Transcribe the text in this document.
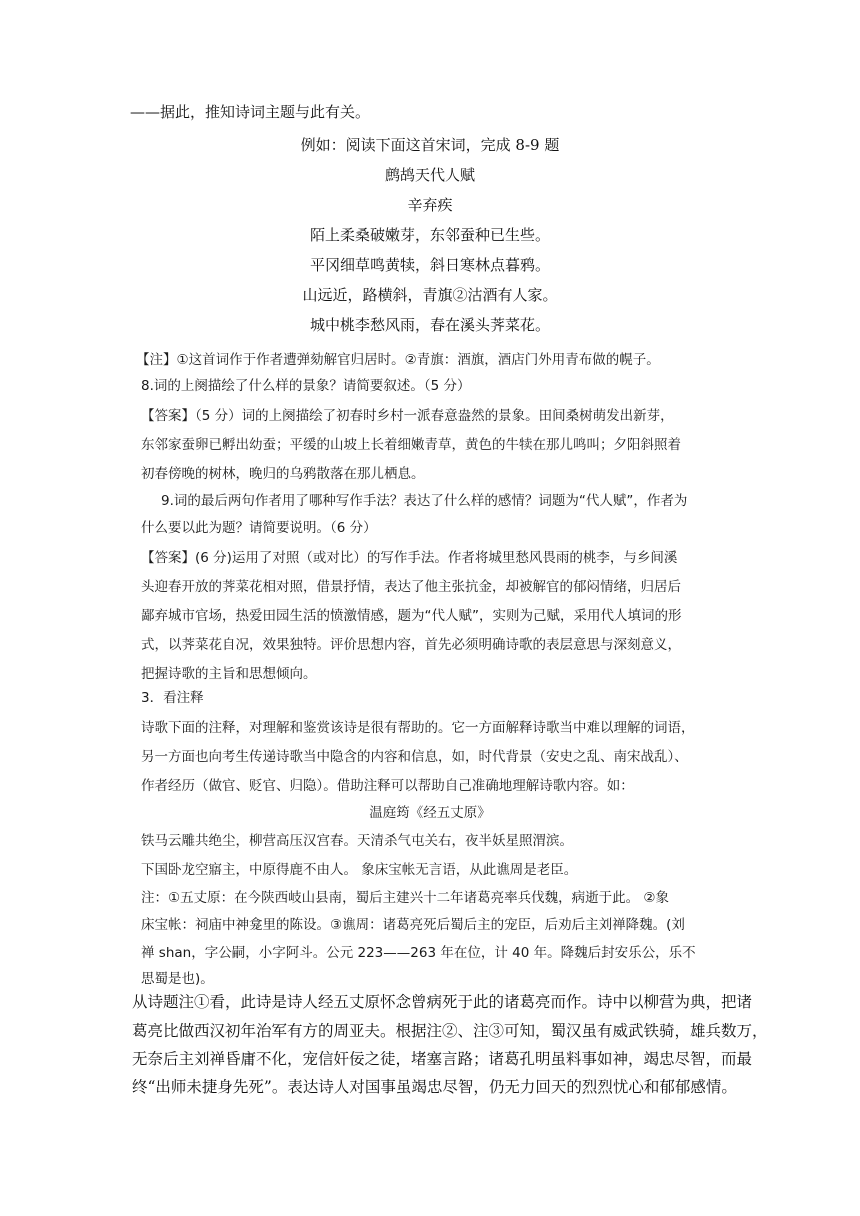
——据此，推知诗词主题与此有关。

例如：阅读下面这首宋词，完成 8-9 题

鹧鸪天代人赋

辛弃疾

陌上柔桑破嫩芽，东邻蚕种已生些。

平冈细草鸣黄犊，斜日寒林点暮鸦。

山远近，路横斜，青旗②沽酒有人家。

城中桃李愁风雨，春在溪头荠菜花。

【注】①这首词作于作者遭弹劾解官归居时。②青旗：酒旗，酒店门外用青布做的幌子。

8.词的上阕描绘了什么样的景象？请简要叙述。（5 分）

【答案】（5 分）词的上阕描绘了初春时乡村一派春意盎然的景象。田间桑树萌发出新芽，

东邻家蚕卵已孵出幼蚕；平缓的山坡上长着细嫩青草，黄色的牛犊在那儿鸣叫；夕阳斜照着

初春傍晚的树林，晚归的乌鸦散落在那儿栖息。

9.词的最后两句作者用了哪种写作手法？表达了什么样的感情？词题为“代人赋”，作者为

什么要以此为题？请简要说明。（6 分）

【答案】(6 分)运用了对照（或对比）的写作手法。作者将城里愁风畏雨的桃李，与乡间溪

头迎春开放的荠菜花相对照，借景抒情，表达了他主张抗金，却被解官的郁闷情绪，归居后

鄙弃城市官场，热爱田园生活的愤激情感，题为“代人赋”，实则为己赋，采用代人填词的形

式，以荠菜花自况，效果独特。评价思想内容，首先必须明确诗歌的表层意思与深刻意义，

把握诗歌的主旨和思想倾向。

3．看注释

诗歌下面的注释，对理解和鉴赏该诗是很有帮助的。它一方面解释诗歌当中难以理解的词语，

另一方面也向考生传递诗歌当中隐含的内容和信息，如，时代背景（安史之乱、南宋战乱）、

作者经历（做官、贬官、归隐）。借助注释可以帮助自己准确地理解诗歌内容。如：

温庭筠《经五丈原》

铁马云雕共绝尘，柳营高压汉宫春。天清杀气屯关右，夜半妖星照渭滨。

下国卧龙空寤主，中原得鹿不由人。 象床宝帐无言语，从此谯周是老臣。

注：①五丈原：在今陕西岐山县南，蜀后主建兴十二年诸葛亮率兵伐魏，病逝于此。 ②象

床宝帐：祠庙中神龛里的陈设。③谯周：诸葛亮死后蜀后主的宠臣，后劝后主刘禅降魏。(刘

禅 shan，字公嗣，小字阿斗。公元 223——263 年在位，计 40 年。降魏后封安乐公，乐不

思蜀是也)。

从诗题注①看，此诗是诗人经五丈原怀念曾病死于此的诸葛亮而作。诗中以柳营为典，把诸

葛亮比做西汉初年治军有方的周亚夫。根据注②、注③可知，蜀汉虽有威武铁骑，雄兵数万，

无奈后主刘禅昏庸不化，宠信奸佞之徒，堵塞言路；诸葛孔明虽料事如神，竭忠尽智，而最

终“出师未捷身先死”。表达诗人对国事虽竭忠尽智，仍无力回天的烈烈忧心和郁郁感情。
